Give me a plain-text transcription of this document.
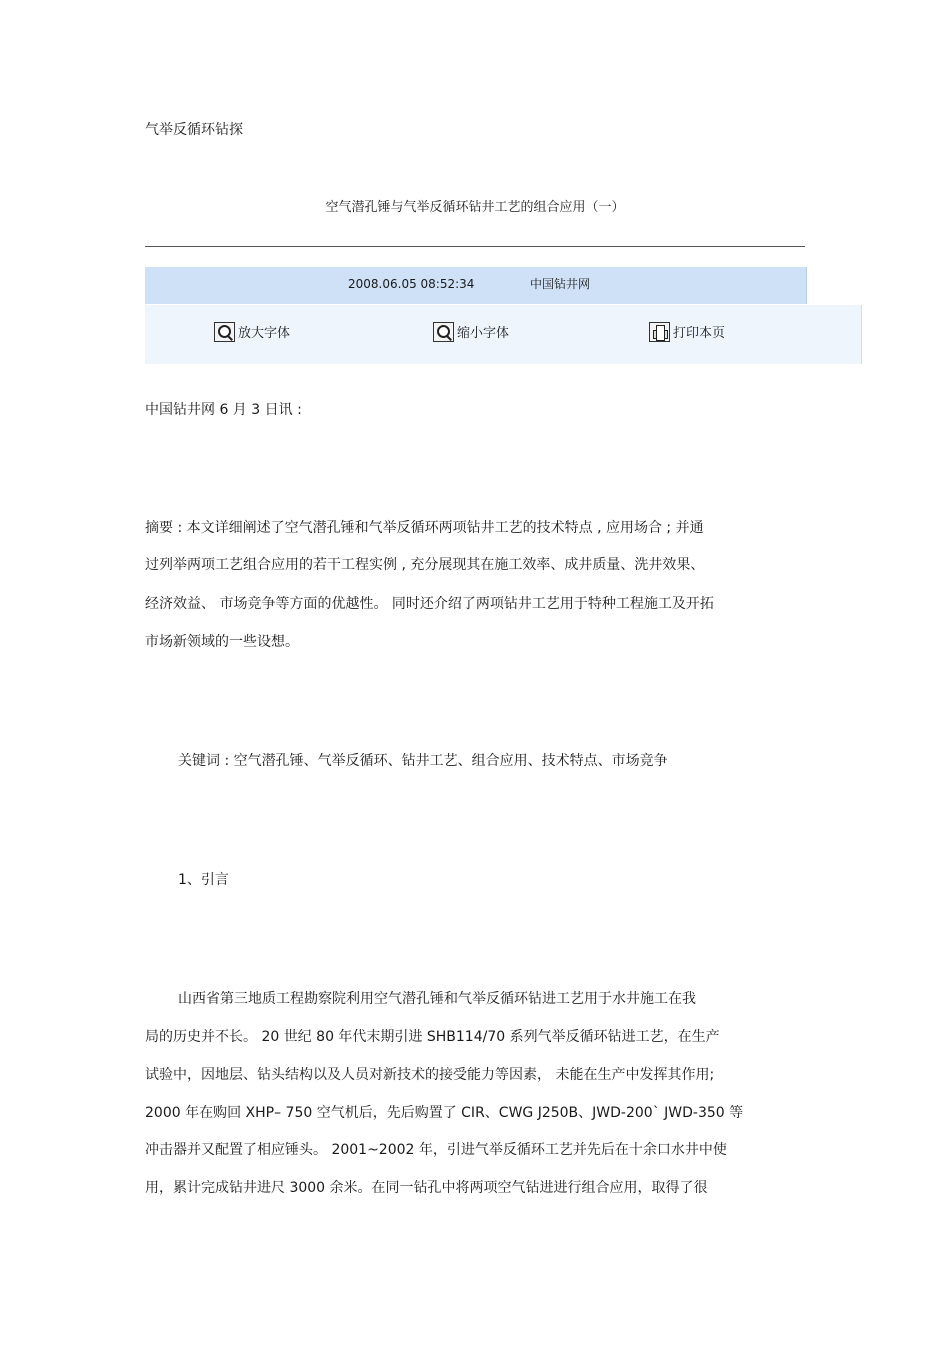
气举反循环钻探
空气潜孔锤与气举反循环钻井工艺的组合应用（一）
2008.06.05 08:52:34	中国钻井网
放大字体	缩小字体	打印本页
中国钻井网 6 月 3 日讯 :
摘要 : 本文详细阐述了空气潜孔锤和气举反循环两项钻井工艺的技术特点 , 应用场合 ; 并通
过列举两项工艺组合应用的若干工程实例 , 充分展现其在施工效率、成井质量、洗井效果、
经济效益、 市场竞争等方面的优越性。 同时还介绍了两项钻井工艺用于特种工程施工及开拓
市场新领域的一些设想。
关键词 : 空气潜孔锤、气举反循环、钻井工艺、组合应用、技术特点、市场竞争
1、引言
山西省第三地质工程勘察院利用空气潜孔锤和气举反循环钻进工艺用于水井施工在我
局的历史并不长。 20 世纪 80 年代末期引进 SHB114/70 系列气举反循环钻进工艺，在生产
试验中，因地层、钻头结构以及人员对新技术的接受能力等因素， 未能在生产中发挥其作用;
2000 年在购回 XHP– 750 空气机后，先后购置了 CIR、CWG J250B、JWD-200` JWD-350 等
冲击器并又配置了相应锤头。 2001~2002 年，引进气举反循环工艺并先后在十余口水井中使
用，累计完成钻井进尺 3000 余米。在同一钻孔中将两项空气钻进进行组合应用，取得了很
